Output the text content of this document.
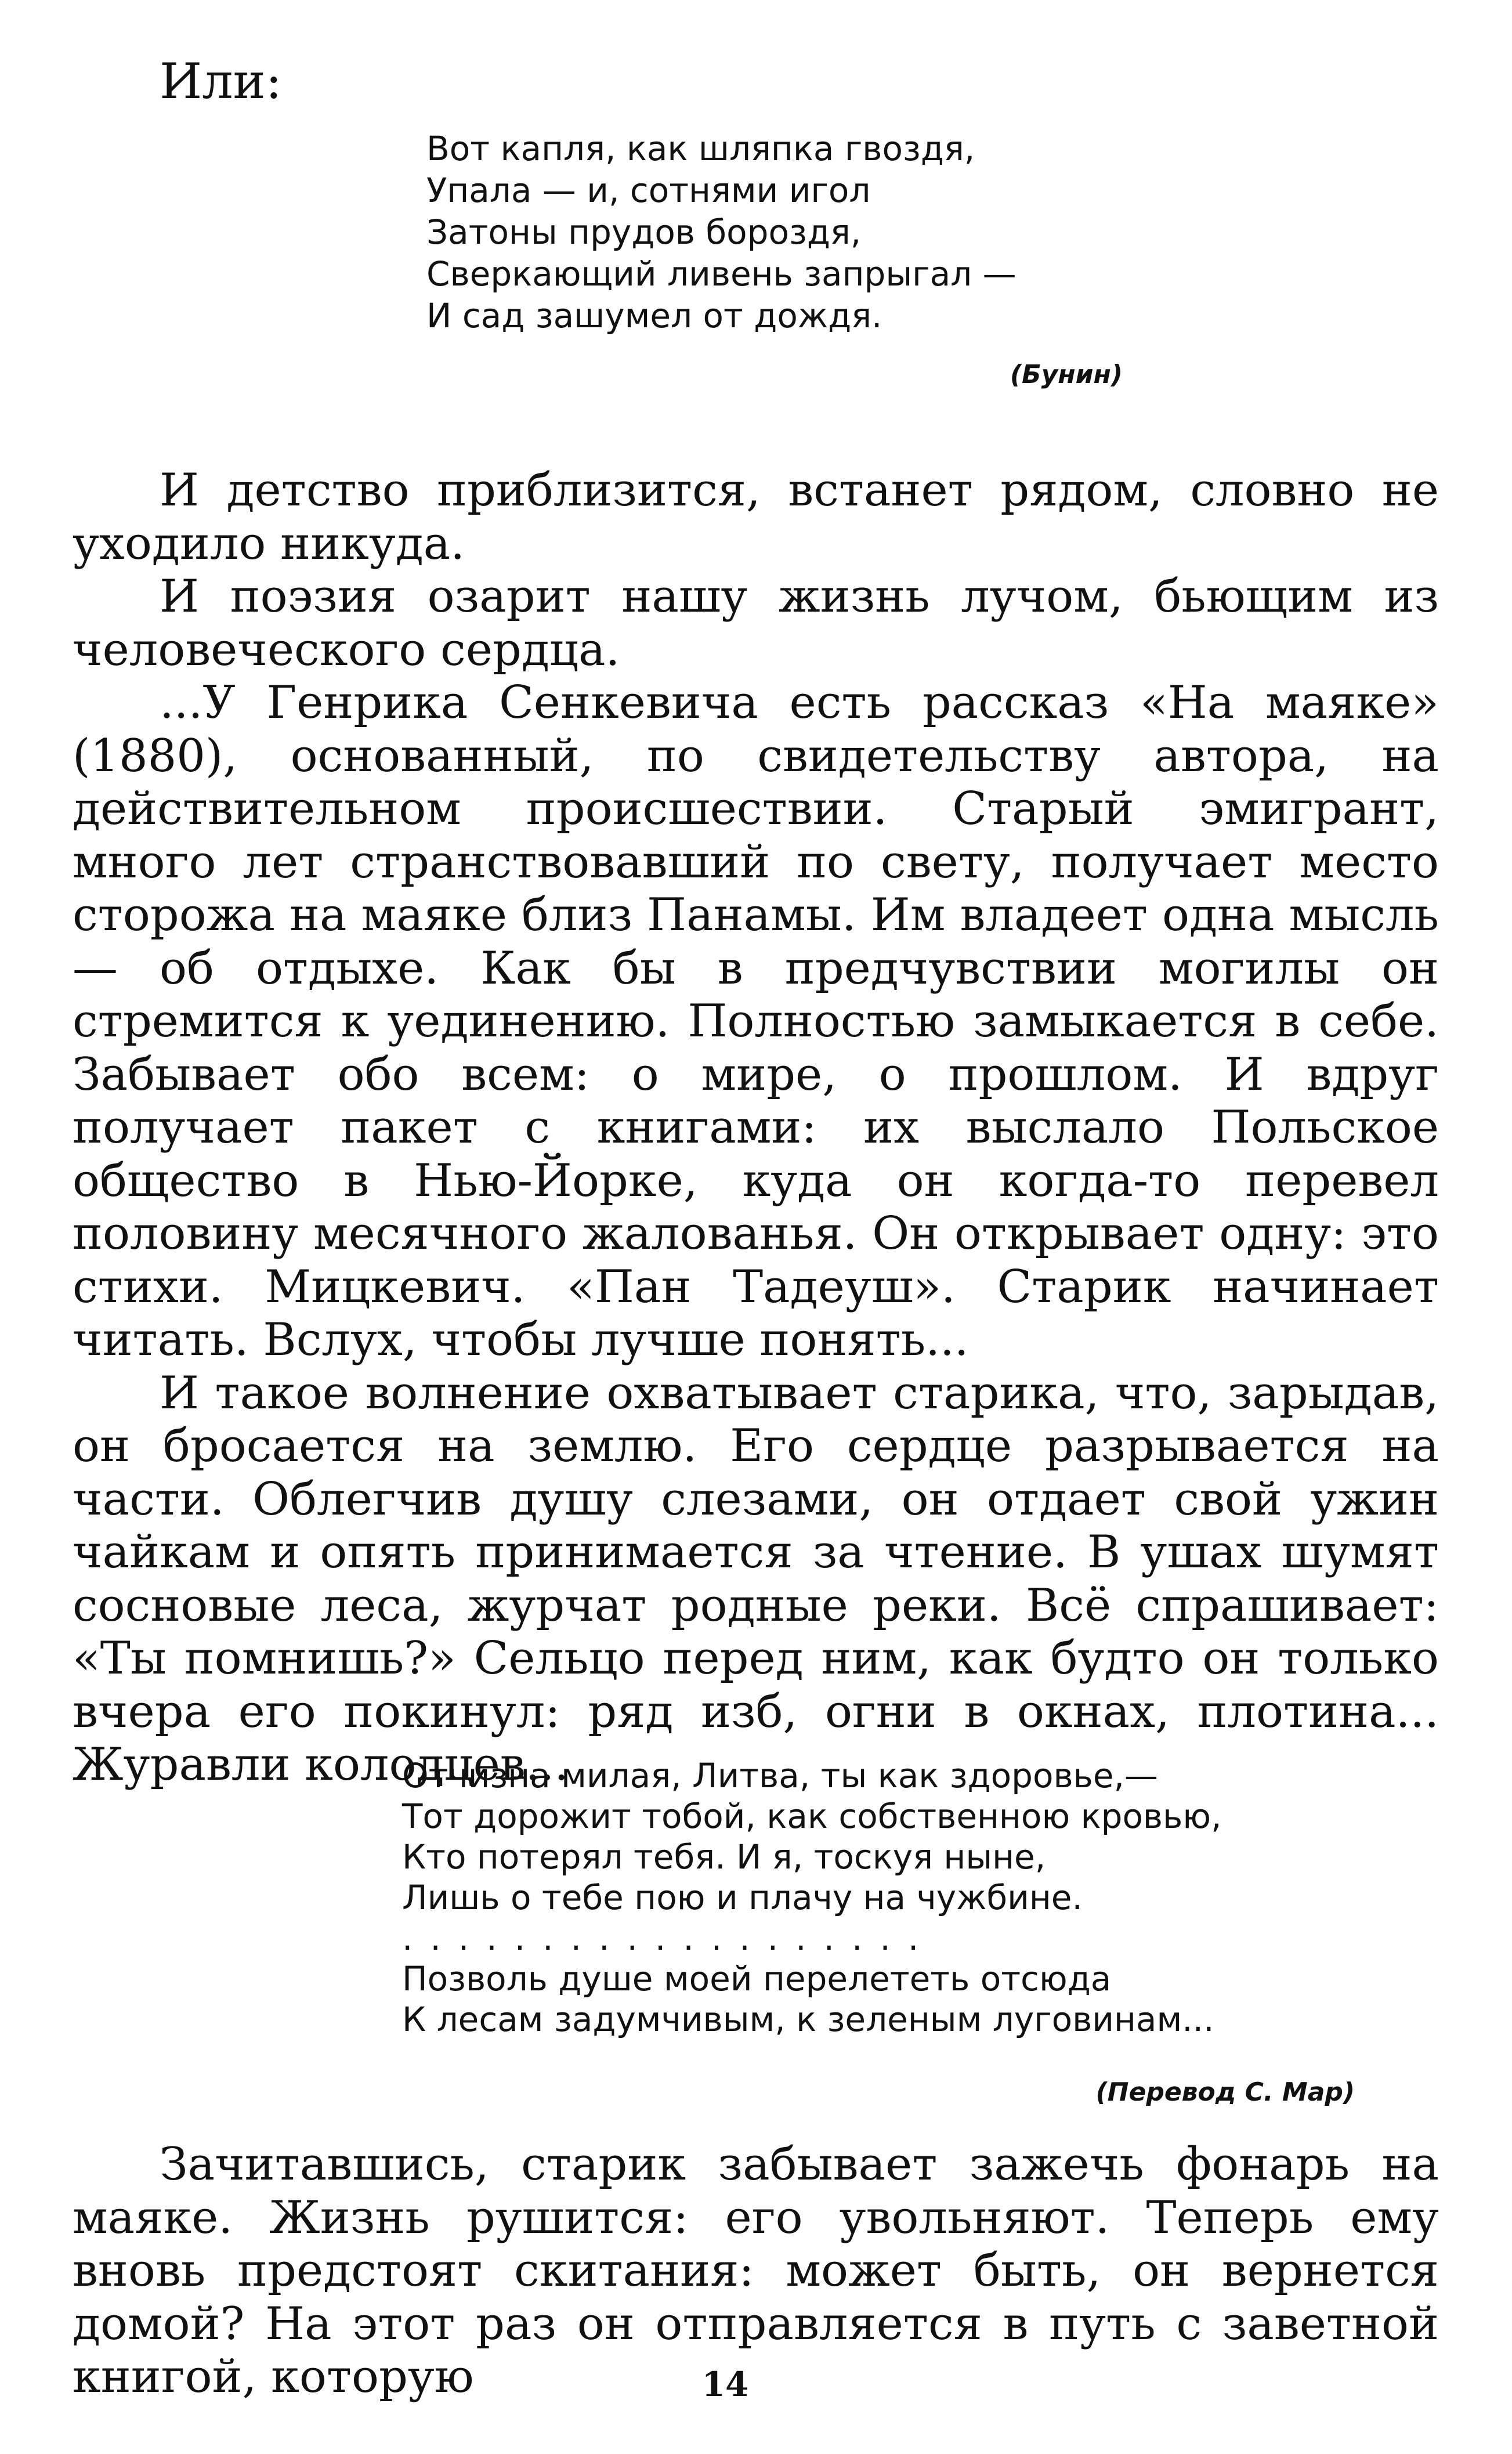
Или:
Вот капля, как шляпка гвоздя,
Упала — и, сотнями игол
Затоны прудов бороздя,
Сверкающий ливень запрыгал —
И сад зашумел от дождя.
(Бунин)

И детство приблизится, встанет рядом, словно не уходило никуда.

И поэзия озарит нашу жизнь лучом, бьющим из человеческого сердца.

...У Генрика Сенкевича есть рассказ «На маяке» (1880), основанный, по свидетельству автора, на действительном происшествии. Старый эмигрант, много лет странствовавший по свету, получает место сторожа на маяке близ Панамы. Им владеет одна мысль — об отдыхе. Как бы в предчувствии могилы он стремится к уединению. Полностью замыкается в себе. Забывает обо всем: о мире, о прошлом. И вдруг получает пакет с книгами: их выслало Польское общество в Нью-Йорке, куда он когда-то перевел половину месячного жалованья. Он открывает одну: это стихи. Мицкевич. «Пан Тадеуш». Старик начинает читать. Вслух, чтобы лучше понять...

И такое волнение охватывает старика, что, зарыдав, он бросается на землю. Его сердце разрывается на части. Облегчив душу слезами, он отдает свой ужин чайкам и опять принимается за чтение. В ушах шумят сосновые леса, журчат родные реки. Всё спрашивает: «Ты помнишь?» Сельцо перед ним, как будто он только вчера его покинул: ряд изб, огни в окнах, плотина... Журавли колодцев...

Отчизна милая, Литва, ты как здоровье,—
Тот дорожит тобой, как собственною кровью,
Кто потерял тебя. И я, тоскуя ныне,
Лишь о тебе пою и плачу на чужбине.
...................
Позволь душе моей перелететь отсюда
К лесам задумчивым, к зеленым луговинам...
(Перевод С. Мар)

Зачитавшись, старик забывает зажечь фонарь на маяке. Жизнь рушится: его увольняют. Теперь ему вновь предстоят скитания: может быть, он вернется домой? На этот раз он отправляется в путь с заветной книгой, которую	14
